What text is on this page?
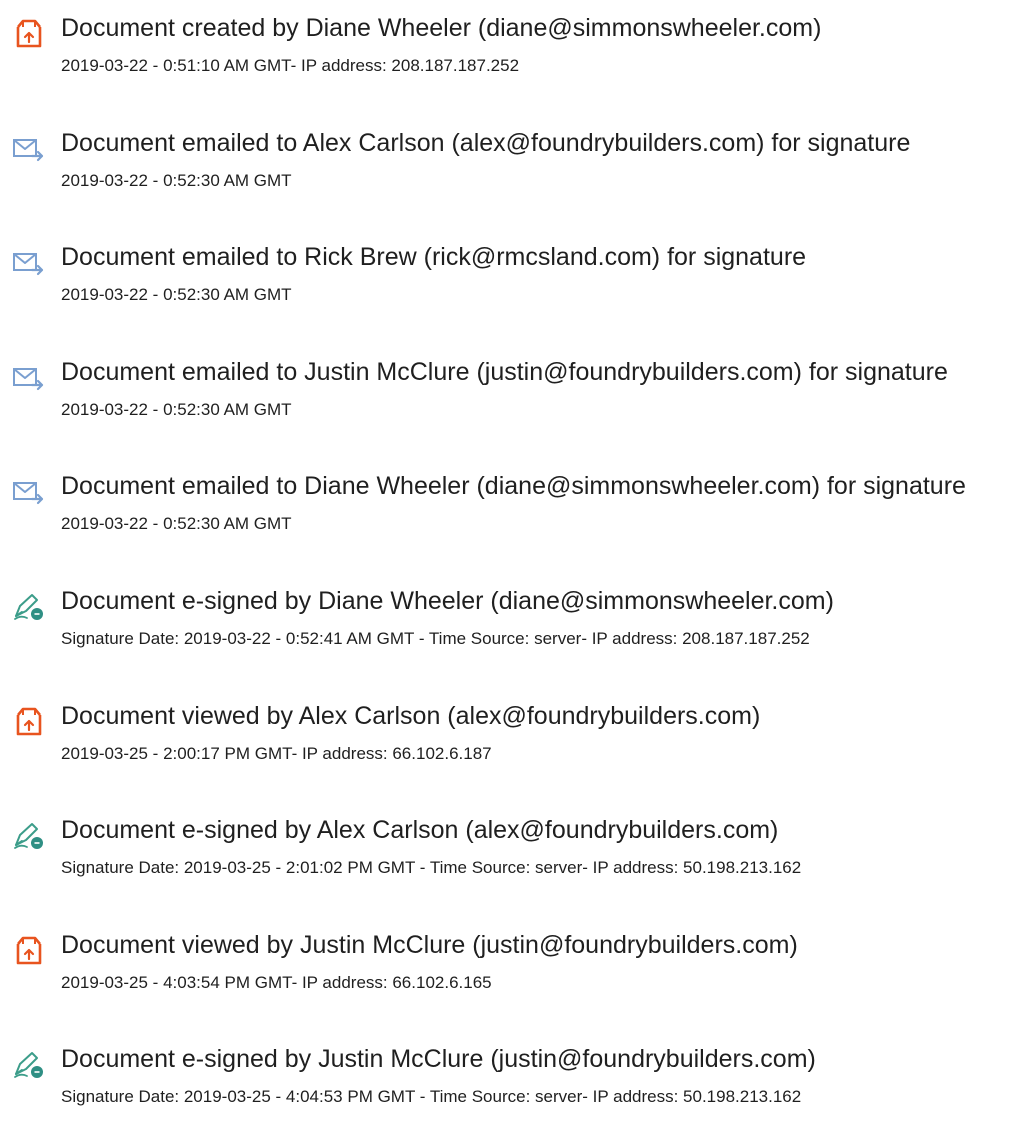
Document created by Diane Wheeler (diane@simmonswheeler.com)
2019-03-22 - 0:51:10 AM GMT- IP address: 208.187.187.252
Document emailed to Alex Carlson (alex@foundrybuilders.com) for signature
2019-03-22 - 0:52:30 AM GMT
Document emailed to Rick Brew (rick@rmcsland.com) for signature
2019-03-22 - 0:52:30 AM GMT
Document emailed to Justin McClure (justin@foundrybuilders.com) for signature
2019-03-22 - 0:52:30 AM GMT
Document emailed to Diane Wheeler (diane@simmonswheeler.com) for signature
2019-03-22 - 0:52:30 AM GMT
Document e-signed by Diane Wheeler (diane@simmonswheeler.com)
Signature Date: 2019-03-22 - 0:52:41 AM GMT - Time Source: server- IP address: 208.187.187.252
Document viewed by Alex Carlson (alex@foundrybuilders.com)
2019-03-25 - 2:00:17 PM GMT- IP address: 66.102.6.187
Document e-signed by Alex Carlson (alex@foundrybuilders.com)
Signature Date: 2019-03-25 - 2:01:02 PM GMT - Time Source: server- IP address: 50.198.213.162
Document viewed by Justin McClure (justin@foundrybuilders.com)
2019-03-25 - 4:03:54 PM GMT- IP address: 66.102.6.165
Document e-signed by Justin McClure (justin@foundrybuilders.com)
Signature Date: 2019-03-25 - 4:04:53 PM GMT - Time Source: server- IP address: 50.198.213.162
